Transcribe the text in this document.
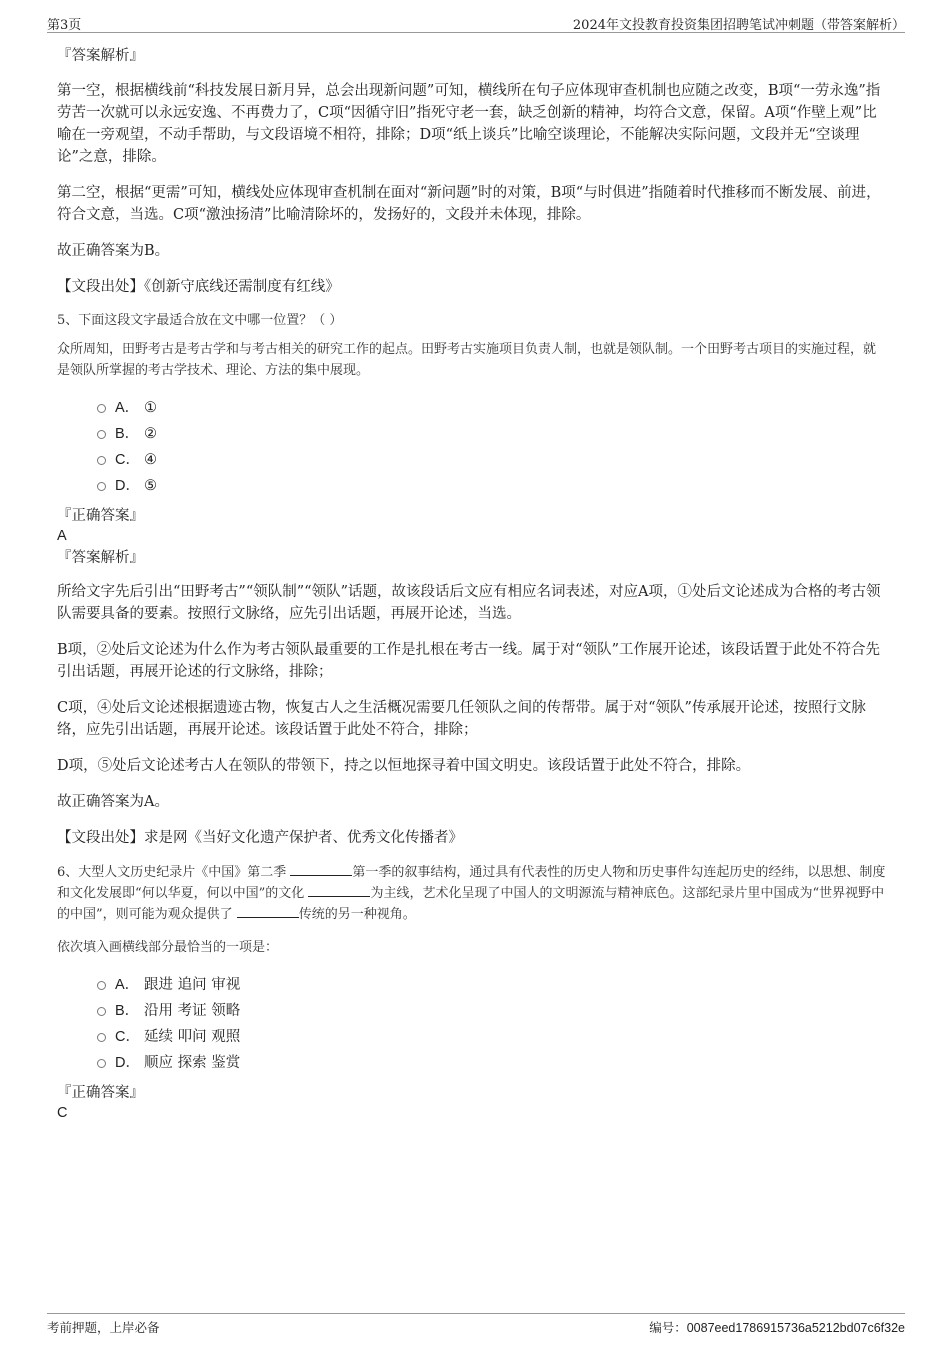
第3页	2024年文投教育投资集团招聘笔试冲刺题（带答案解析）

『答案解析』

第一空，根据横线前“科技发展日新月异，总会出现新问题”可知，横线所在句子应体现审查机制也应随之改变，B项“一劳永逸”指劳苦一次就可以永远安逸、不再费力了，C项“因循守旧”指死守老一套，缺乏创新的精神，均符合文意，保留。A项“作壁上观”比喻在一旁观望，不动手帮助，与文段语境不相符，排除；D项“纸上谈兵”比喻空谈理论，不能解决实际问题，文段并无“空谈理论”之意，排除。

第二空，根据“更需”可知，横线处应体现审查机制在面对“新问题”时的对策，B项“与时俱进”指随着时代推移而不断发展、前进，符合文意，当选。C项“激浊扬清”比喻清除坏的，发扬好的，文段并未体现，排除。

故正确答案为B。

【文段出处】《创新守底线还需制度有红线》

5、下面这段文字最适合放在文中哪一位置？（ ）

众所周知，田野考古是考古学和与考古相关的研究工作的起点。田野考古实施项目负责人制，也就是领队制。一个田野考古项目的实施过程，就是领队所掌握的考古学技术、理论、方法的集中展现。

A． ①
B． ②
C． ④
D． ⑤

『正确答案』

A

『答案解析』

所给文字先后引出“田野考古”“领队制”“领队”话题，故该段话后文应有相应名词表述，对应A项，①处后文论述成为合格的考古领队需要具备的要素。按照行文脉络，应先引出话题，再展开论述，当选。

B项，②处后文论述为什么作为考古领队最重要的工作是扎根在考古一线。属于对“领队”工作展开论述，该段话置于此处不符合先引出话题，再展开论述的行文脉络，排除；

C项，④处后文论述根据遗迹古物，恢复古人之生活概况需要几任领队之间的传帮带。属于对“领队”传承展开论述，按照行文脉络，应先引出话题，再展开论述。该段话置于此处不符合，排除；

D项，⑤处后文论述考古人在领队的带领下，持之以恒地探寻着中国文明史。该段话置于此处不符合，排除。

故正确答案为A。

【文段出处】求是网《当好文化遗产保护者、优秀文化传播者》

6、大型人文历史纪录片《中国》第二季	第一季的叙事结构，通过具有代表性的历史人物和历史事件勾连起历史的经纬，以思想、制度和文化发展即“何以华夏，何以中国”的文化	为主线，艺术化呈现了中国人的文明源流与精神底色。这部纪录片里中国成为“世界视野中的中国”，则可能为观众提供了	传统的另一种视角。

依次填入画横线部分最恰当的一项是：

A． 跟进 追问 审视
B． 沿用 考证 领略
C． 延续 叩问 观照
D． 顺应 探索 鉴赏

『正确答案』

C

考前押题，上岸必备	编号：0087eed1786915736a5212bd07c6f32e
